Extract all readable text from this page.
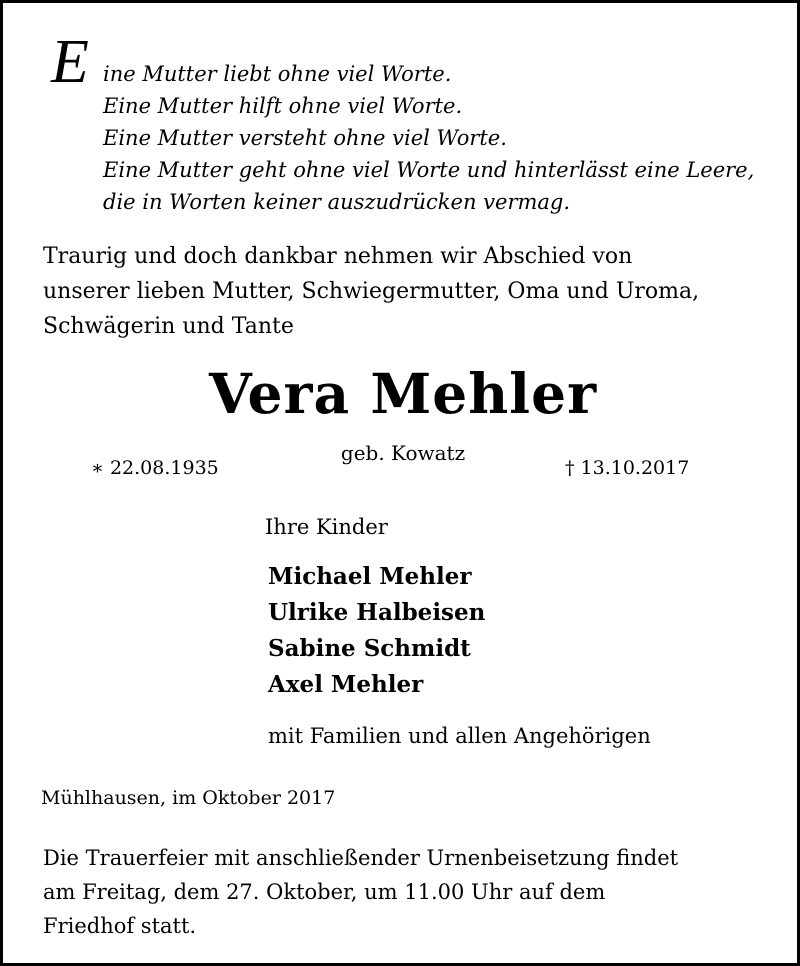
E ine Mutter liebt ohne viel Worte.
Eine Mutter hilft ohne viel Worte.
Eine Mutter versteht ohne viel Worte.
Eine Mutter geht ohne viel Worte und hinterlässt eine Leere,
die in Worten keiner auszudrücken vermag.
Traurig und doch dankbar nehmen wir Abschied von
unserer lieben Mutter, Schwiegermutter, Oma und Uroma,
Schwägerin und Tante
Vera Mehler
geb. Kowatz
∗ 22.08.1935	† 13.10.2017
Ihre Kinder
Michael Mehler
Ulrike Halbeisen
Sabine Schmidt
Axel Mehler
mit Familien und allen Angehörigen
Mühlhausen, im Oktober 2017
Die Trauerfeier mit anschließender Urnenbeisetzung findet
am Freitag, dem 27. Oktober, um 11.00 Uhr auf dem
Friedhof statt.
